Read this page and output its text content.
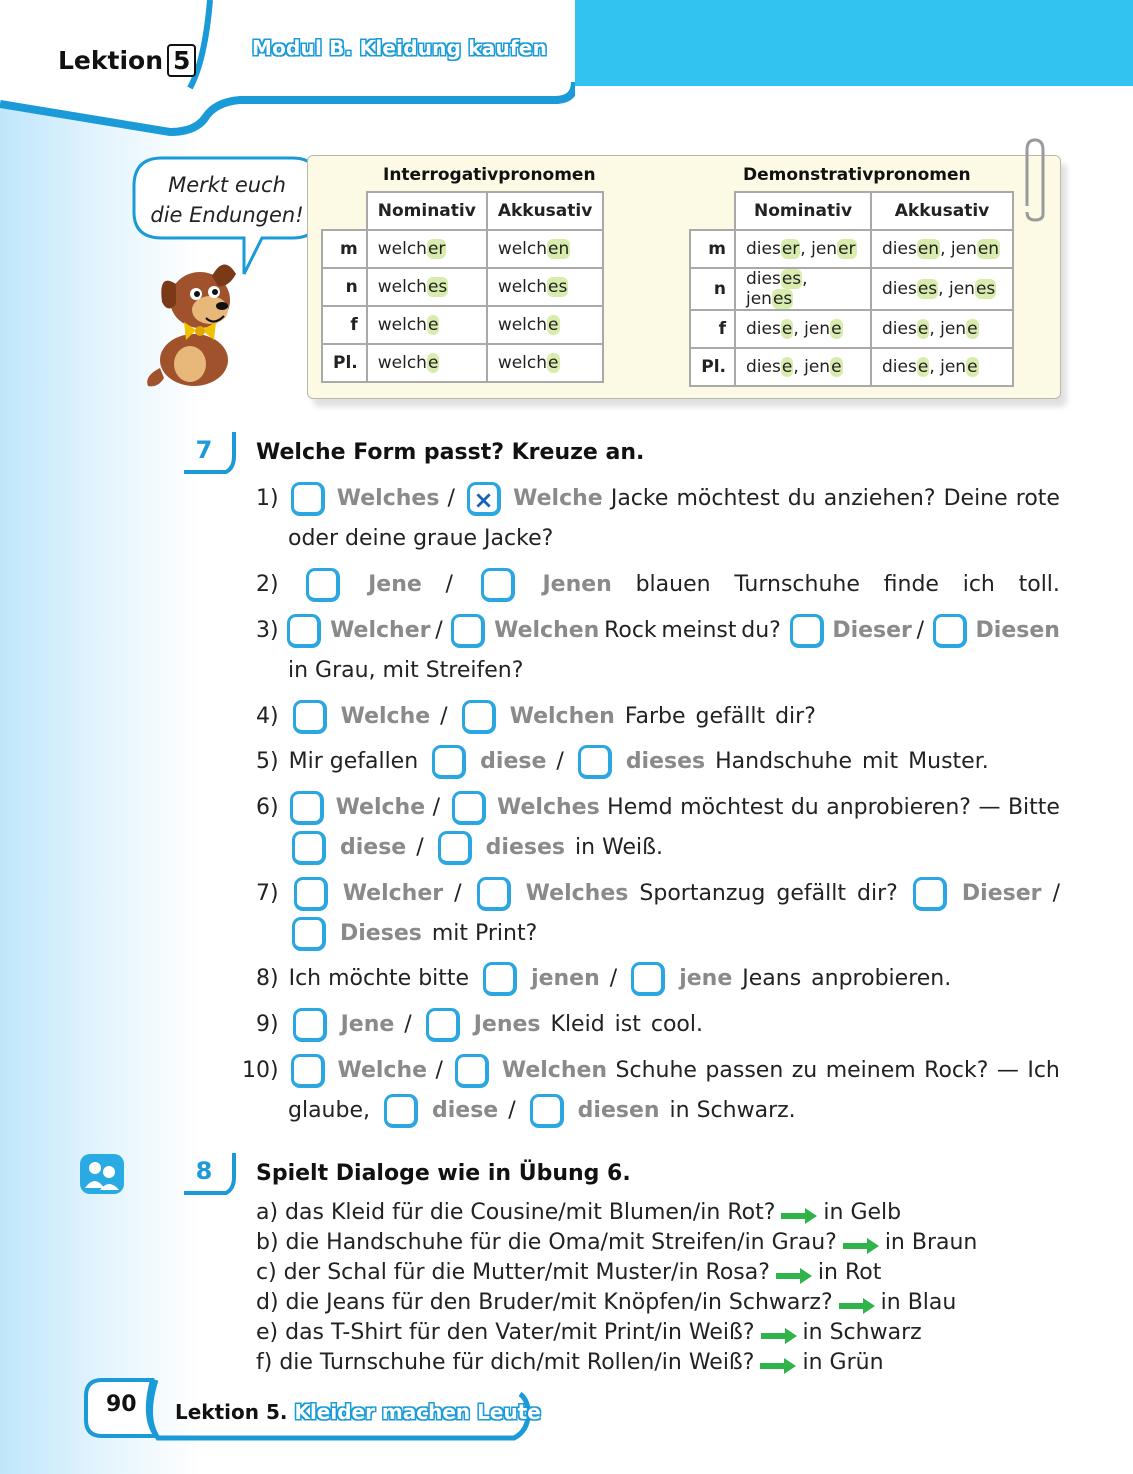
Lektion 5	Modul B. Kleidung kaufen
Merkt euch
die Endungen!
Interrogativpronomen	Demonstrativpronomen
	Nominativ	Akkusativ
m	welcher	welchen
n	welches	welches
f	welche	welche
Pl.	welche	welche
	Nominativ	Akkusativ
m	dieser, jener	diesen, jenen
n	dieses, jenes	dieses, jenes
f	diese, jene	diese, jene
Pl.	diese, jene	diese, jene
7	Welche Form passt? Kreuze an.
1)	Welches / ×	Welche Jacke möchtest du anziehen? Deine rote
oder deine graue Jacke?
2)	Jene /	Jenen blauen Turnschuhe finde ich toll.
3) Welcher / Welchen Rock meinst du? Dieser / Diesen
in Grau, mit Streifen?
4)	Welche /	Welchen Farbe gefällt dir?
5) Mir gefallen	diese /	dieses Handschuhe mit Muster.
6)	Welche /	Welches Hemd möchtest du anprobieren? — Bitte
diese /	dieses in Weiß.
7)	Welcher /	Welches Sportanzug gefällt dir?	Dieser /
Dieses mit Print?
8) Ich möchte bitte	jenen /	jene Jeans anprobieren.
9)	Jene /	Jenes Kleid ist cool.
10)	Welche /	Welchen Schuhe passen zu meinem Rock? — Ich
glaube,	diese /	diesen in Schwarz.
8	Spielt Dialoge wie in Übung 6.
a) das Kleid für die Cousine/mit Blumen/in Rot? in Gelb
b) die Handschuhe für die Oma/mit Streifen/in Grau? in Braun
c) der Schal für die Mutter/mit Muster/in Rosa? in Rot
d) die Jeans für den Bruder/mit Knöpfen/in Schwarz? in Blau
e) das T-Shirt für den Vater/mit Print/in Weiß? in Schwarz
f) die Turnschuhe für dich/mit Rollen/in Weiß? in Grün
90 Lektion 5. Kleider machen Leute
